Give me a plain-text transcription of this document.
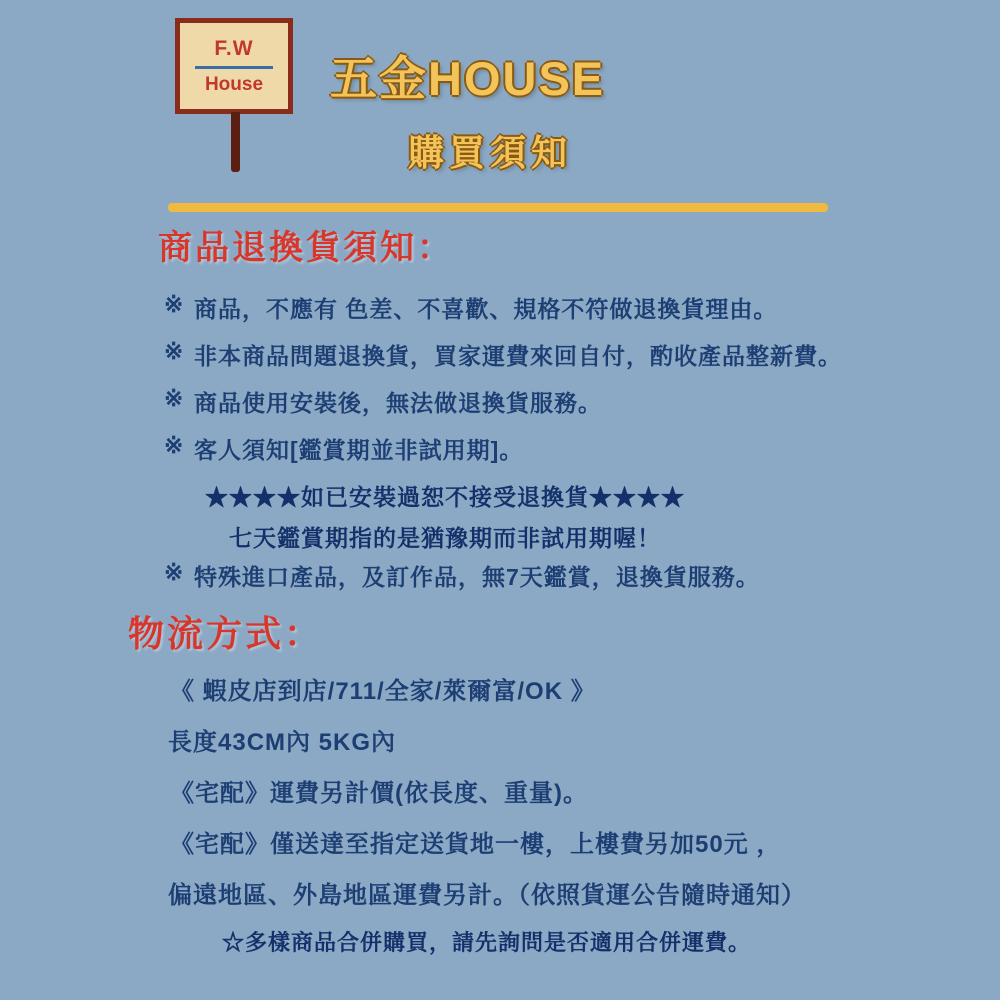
F.W
House 五金HOUSE
購買須知
商品退換貨須知：
※ 商品，不應有 色差、不喜歡、規格不符做退換貨理由。
※ 非本商品問題退換貨，買家運費來回自付，酌收產品整新費。
※ 商品使用安裝後，無法做退換貨服務。
※ 客人須知[鑑賞期並非試用期]。
★★★★如已安裝過恕不接受退換貨★★★★
七天鑑賞期指的是猶豫期而非試用期喔！
※ 特殊進口產品，及訂作品，無7天鑑賞，退換貨服務。
物流方式：
《 蝦皮店到店/711/全家/萊爾富/OK 》
長度43CM內 5KG內
《宅配》運費另計價(依長度、重量)。
《宅配》僅送達至指定送貨地一樓，上樓費另加50元 ，
偏遠地區、外島地區運費另計。（依照貨運公告隨時通知）
☆多樣商品合併購買，請先詢問是否適用合併運費。
